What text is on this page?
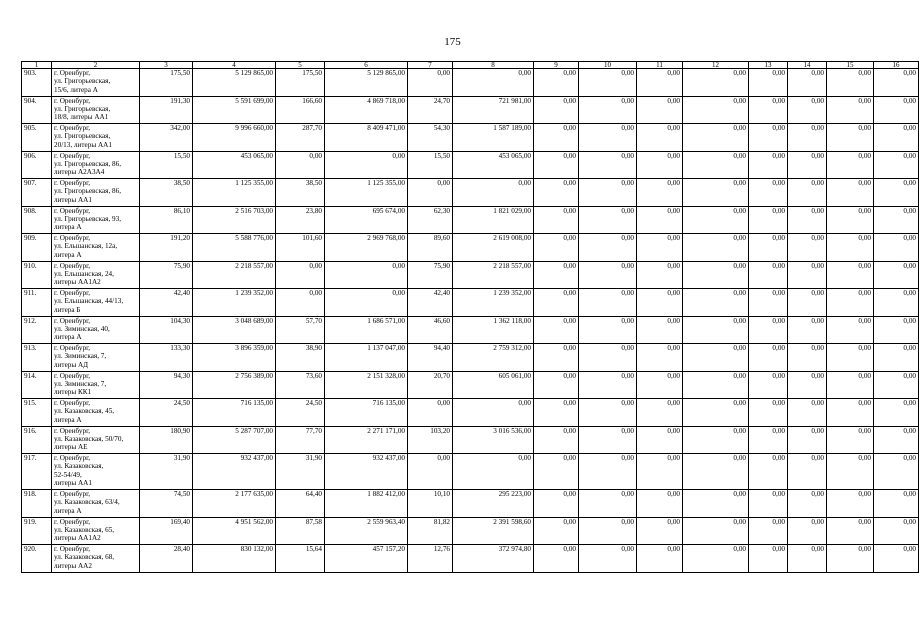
175
1	2	3	4	5	6	7	8	9	10	11	12	13	14	15	16
903.	г. Оренбург,
ул. Григорьевская,
15/6, литера А	175,50	5 129 865,00	175,50	5 129 865,00	0,00	0,00	0,00	0,00	0,00	0,00	0,00	0,00	0,00	0,00
904.	г. Оренбург,
ул. Григорьевская,
18/8, литеры АА1	191,30	5 591 699,00	166,60	4 869 718,00	24,70	721 981,00	0,00	0,00	0,00	0,00	0,00	0,00	0,00	0,00
905.	г. Оренбург,
ул. Григорьевская,
20/13, литеры АА1	342,00	9 996 660,00	287,70	8 409 471,00	54,30	1 587 189,00	0,00	0,00	0,00	0,00	0,00	0,00	0,00	0,00
906.	г. Оренбург,
ул. Григорьевская, 86,
литеры А2А3А4	15,50	453 065,00	0,00	0,00	15,50	453 065,00	0,00	0,00	0,00	0,00	0,00	0,00	0,00	0,00
907.	г. Оренбург,
ул. Григорьевская, 86,
литеры АА1	38,50	1 125 355,00	38,50	1 125 355,00	0,00	0,00	0,00	0,00	0,00	0,00	0,00	0,00	0,00	0,00
908.	г. Оренбург,
ул. Григорьевская, 93,
литера А	86,10	2 516 703,00	23,80	695 674,00	62,30	1 821 029,00	0,00	0,00	0,00	0,00	0,00	0,00	0,00	0,00
909.	г. Оренбург,
ул. Ельшанская, 12а,
литера А	191,20	5 588 776,00	101,60	2 969 768,00	89,60	2 619 008,00	0,00	0,00	0,00	0,00	0,00	0,00	0,00	0,00
910.	г. Оренбург,
ул. Ельшанская, 24,
литеры АА1А2	75,90	2 218 557,00	0,00	0,00	75,90	2 218 557,00	0,00	0,00	0,00	0,00	0,00	0,00	0,00	0,00
911.	г. Оренбург,
ул. Ельшанская, 44/13,
литера Б	42,40	1 239 352,00	0,00	0,00	42,40	1 239 352,00	0,00	0,00	0,00	0,00	0,00	0,00	0,00	0,00
912.	г. Оренбург,
ул. Зиминская, 40,
литера А	104,30	3 048 689,00	57,70	1 686 571,00	46,60	1 362 118,00	0,00	0,00	0,00	0,00	0,00	0,00	0,00	0,00
913.	г. Оренбург,
ул. Зиминская, 7,
литеры АД	133,30	3 896 359,00	38,90	1 137 047,00	94,40	2 759 312,00	0,00	0,00	0,00	0,00	0,00	0,00	0,00	0,00
914.	г. Оренбург,
ул. Зиминская, 7,
литеры КК1	94,30	2 756 389,00	73,60	2 151 328,00	20,70	605 061,00	0,00	0,00	0,00	0,00	0,00	0,00	0,00	0,00
915.	г. Оренбург,
ул. Казаковская, 45,
литера А	24,50	716 135,00	24,50	716 135,00	0,00	0,00	0,00	0,00	0,00	0,00	0,00	0,00	0,00	0,00
916.	г. Оренбург,
ул. Казаковская, 50/70,
литеры АЕ	180,90	5 287 707,00	77,70	2 271 171,00	103,20	3 016 536,00	0,00	0,00	0,00	0,00	0,00	0,00	0,00	0,00
917.	г. Оренбург,
ул. Казаковская,
52-54/49,
литеры АА1	31,90	932 437,00	31,90	932 437,00	0,00	0,00	0,00	0,00	0,00	0,00	0,00	0,00	0,00	0,00
918.	г. Оренбург,
ул. Казаковская, 63/4,
литера А	74,50	2 177 635,00	64,40	1 882 412,00	10,10	295 223,00	0,00	0,00	0,00	0,00	0,00	0,00	0,00	0,00
919.	г. Оренбург,
ул. Казаковская, 65,
литеры АА1А2	169,40	4 951 562,00	87,58	2 559 963,40	81,82	2 391 598,60	0,00	0,00	0,00	0,00	0,00	0,00	0,00	0,00
920.	г. Оренбург,
ул. Казаковская, 68,
литеры АА2	28,40	830 132,00	15,64	457 157,20	12,76	372 974,80	0,00	0,00	0,00	0,00	0,00	0,00	0,00	0,00
